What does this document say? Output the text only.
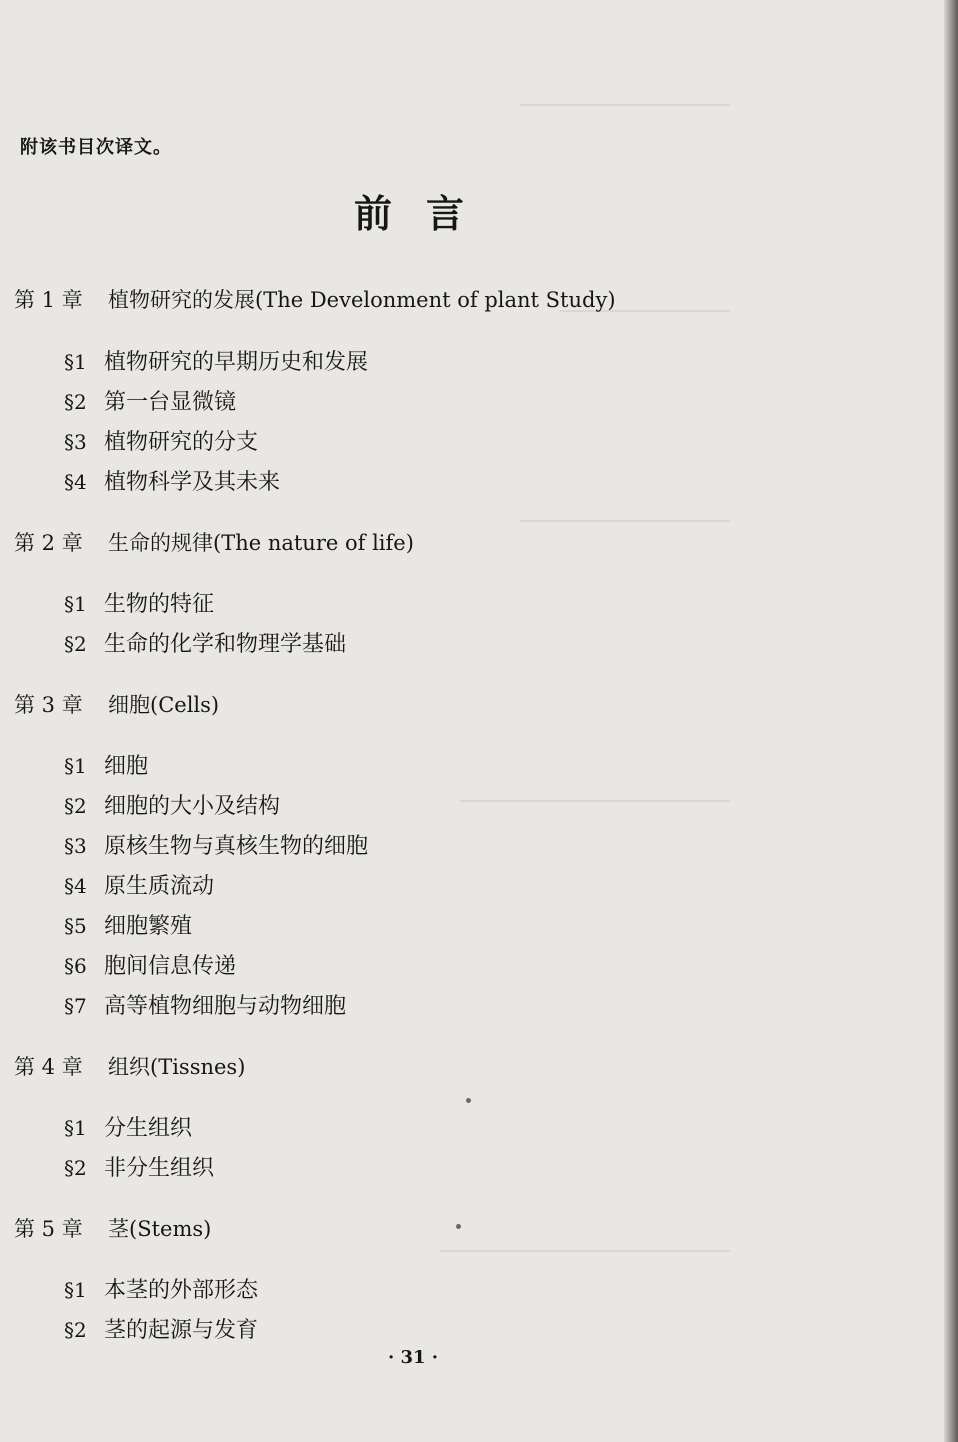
附该书目次译文。
前言
第 1 章 植物研究的发展(The Develonment of plant Study)
§1 植物研究的早期历史和发展
§2 第一台显微镜
§3 植物研究的分支
§4 植物科学及其未来
第 2 章 生命的规律(The nature of life)
§1 生物的特征
§2 生命的化学和物理学基础
第 3 章 细胞(Cells)
§1 细胞
§2 细胞的大小及结构
§3 原核生物与真核生物的细胞
§4 原生质流动
§5 细胞繁殖
§6 胞间信息传递
§7 高等植物细胞与动物细胞
第 4 章 组织(Tissnes)
§1 分生组织
§2 非分生组织
第 5 章 茎(Stems)
§1 本茎的外部形态
§2 茎的起源与发育
· 31 ·
